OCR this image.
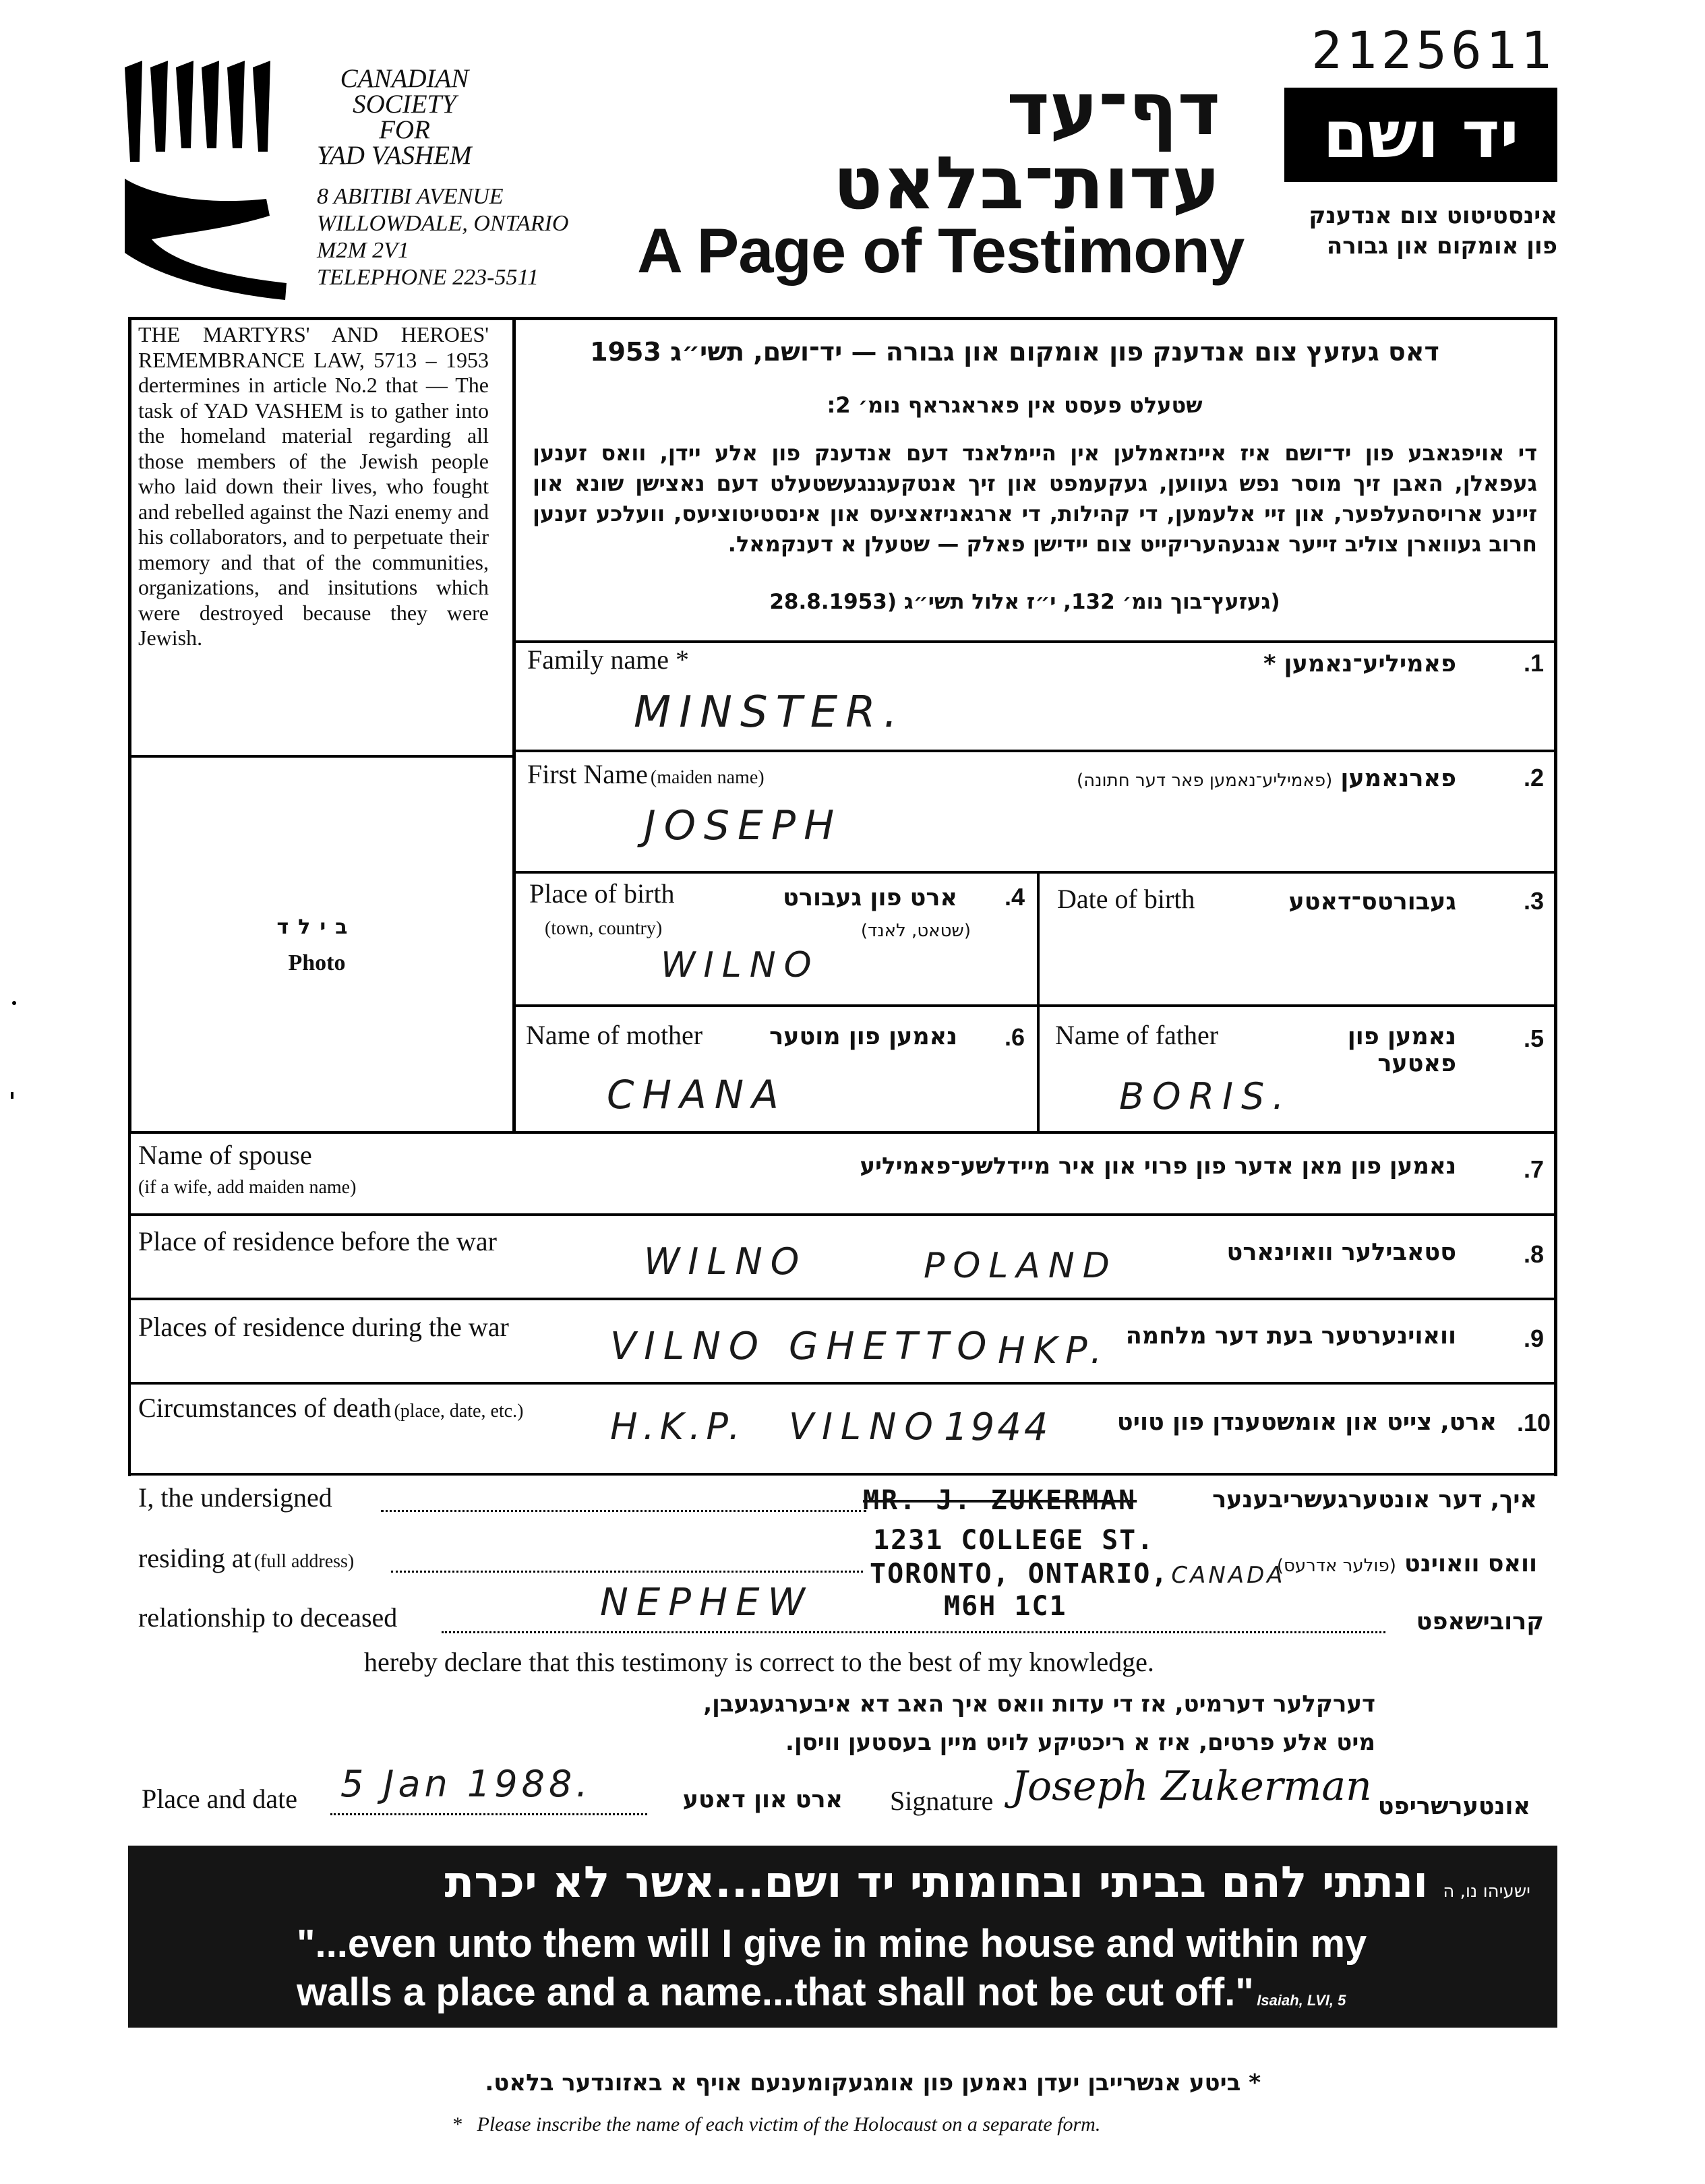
2125611
CANADIAN
SOCIETY
FOR
YAD VASHEM
8 ABITIBI AVENUE
WILLOWDALE, ONTARIO
M2M 2V1
TELEPHONE 223-5511
דף־עד
עדות־בלאט
A Page of Testimony
יד ושם
אינסטיטוט צום אנדענק
פון אומקום און גבורה
THE MARTYRS' AND HEROES' REMEMBRANCE LAW, 5713 – 1953 dertermines in article No.2 that — The task of YAD VASHEM is to gather into the homeland material regarding all those members of the Jewish people who laid down their lives, who fought and rebelled against the Nazi enemy and his collaborators, and to perpetuate their memory and that of the communities, organizations, and insitutions which were destroyed because they were Jewish.
דאס געזעץ צום אנדענק פון אומקום און גבורה — יד־ושם, תשי״ג 1953
שטעלט פעסט אין פאראגראף נומ׳ 2:
די אויפגאבע פון יד־ושם איז איינזאמלען אין היימלאנד דעם אנדענק פון אלע יידן, וואס זענען געפאלן, האבן זיך מוסר נפש געווען, געקעמפט און זיך אנטקעגנגעשטעלט דעם נאצישן שונא און זיינע ארויסהעלפער, און זיי אלעמען, די קהילות, די ארגאניזאציעס און אינסטיטוציעס, וועלכע זענען חרוב געווארן צוליב זייער אנגעהעריקייט צום יידישן פאלק — שטעלן א דענקמאל.
(געזעץ־בוך נומ׳ 132, י״ז אלול תשי״ג (28.8.1953
בילד
Photo
Family name *	פאמיליע־נאמען *	.1
MINSTER.
First Name (maiden name)	פארנאמען (פאמיליע־נאמען פאר דער חתונה)	.2
JOSEPH
Place of birth
(town, country)
ארט פון געבורט
(שטאט, לאנד)
.4
WILNO
Date of birth	געבורטס־דאטע	.3
Name of mother	נאמען פון מוטער	.6
CHANA
Name of father	נאמען פון פאטער
.5
BORIS.
Name of spouse
(if a wife, add maiden name)
נאמען פון מאן אדער פון פרוי און איר מיידלשע־פאמיליע	.7
Place of residence before the war	WILNO	POLAND	סטאבילער וואוינארט	.8
Places of residence during the war	VILNO GHETTO HKP. וואוינערטער בעת דער מלחמה	.9
Circumstances of death (place, date, etc.) H.K.P. VILNO 1944	ארט, צייט און אומשטענדן פון טויט .10
I, the undersigned	MR. J. ZUKERMAN	איך, דער אונטערגעשריבענער
residing at (full address)
1231 COLLEGE ST.
TORONTO, ONTARIO, CANADA
M6H 1C1
וואס וואוינט (פולער אדרעס)
relationship to deceased	NEPHEW	קרובישאפט
hereby declare that this testimony is correct to the best of my knowledge.
דערקלער דערמיט, אז די עדות וואס איך האב דא איבערגעגעבן,
מיט אלע פרטים, איז א ריכטיקע לויט מיין בעסטען וויסן.
Place and date 5 Jan 1988.	ארט און דאטע Signature Joseph Zukerman אונטערשריפט
ישעיהו נו, ה ונתתי להם בביתי ובחומותי יד ושם...אשר לא יכרת
"...even unto them will I give in mine house and within my
walls a place and a name...that shall not be cut off." Isaiah, LVI, 5
* ביטע אנשרייבן יעדן נאמען פון אומגעקומענעם אויף א באזונדער בלאט.
*   Please inscribe the name of each victim of the Holocaust on a separate form.
